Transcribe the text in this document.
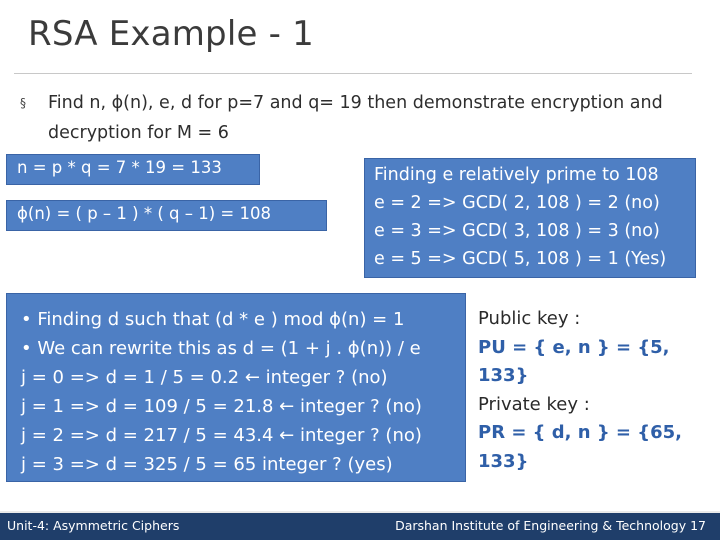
RSA Example - 1
§ Find n, ϕ(n), e, d for p=7 and q= 19 then demonstrate encryption and decryption for M = 6
n = p * q = 7 * 19 = 133
ϕ(n) = ( p – 1 ) * ( q – 1) = 108
Finding e relatively prime to 108
e = 2 => GCD( 2, 108 ) = 2 (no)
e = 3 => GCD( 3, 108 ) = 3 (no)
e = 5 => GCD( 5, 108 ) = 1 (Yes)
• Finding d such that (d * e ) mod ϕ(n) = 1
• We can rewrite this as d = (1 + j . ϕ(n)) / e
j = 0 => d = 1 / 5 = 0.2 ← integer ? (no)
j = 1 => d = 109 / 5 = 21.8 ← integer ? (no)
j = 2 => d = 217 / 5 = 43.4 ← integer ? (no)
j = 3 => d = 325 / 5 = 65 integer ? (yes)
Public key :
PU = { e, n } = {5, 133}
Private key :
PR = { d, n } = {65, 133}
Unit-4: Asymmetric Ciphers	Darshan Institute of Engineering & Technology 17
